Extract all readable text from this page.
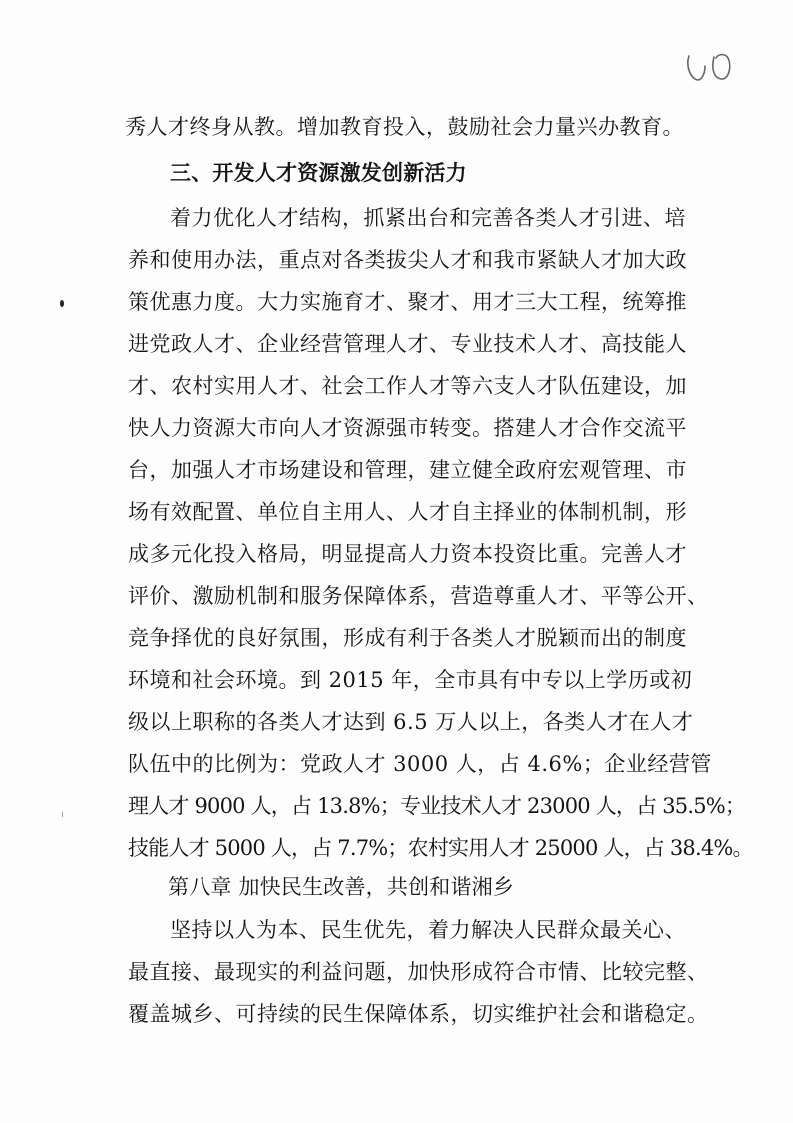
秀人才终身从教。增加教育投入，鼓励社会力量兴办教育。
三、开发人才资源激发创新活力
着力优化人才结构，抓紧出台和完善各类人才引进、培
养和使用办法，重点对各类拔尖人才和我市紧缺人才加大政
策优惠力度。大力实施育才、聚才、用才三大工程，统筹推
进党政人才、企业经营管理人才、专业技术人才、高技能人
才、农村实用人才、社会工作人才等六支人才队伍建设，加
快人力资源大市向人才资源强市转变。搭建人才合作交流平
台，加强人才市场建设和管理，建立健全政府宏观管理、市
场有效配置、单位自主用人、人才自主择业的体制机制，形
成多元化投入格局，明显提高人力资本投资比重。完善人才
评价、激励机制和服务保障体系，营造尊重人才、平等公开、
竞争择优的良好氛围，形成有利于各类人才脱颖而出的制度
环境和社会环境。到 2015 年，全市具有中专以上学历或初
级以上职称的各类人才达到 6.5 万人以上，各类人才在人才
队伍中的比例为：党政人才 3000 人，占 4.6%；企业经营管
理人才 9000 人，占 13.8%；专业技术人才 23000 人，占 35.5%；
技能人才 5000 人，占 7.7%；农村实用人才 25000 人，占 38.4%。
第八章 加快民生改善，共创和谐湘乡
坚持以人为本、民生优先，着力解决人民群众最关心、
最直接、最现实的利益问题，加快形成符合市情、比较完整、
覆盖城乡、可持续的民生保障体系，切实维护社会和谐稳定。
